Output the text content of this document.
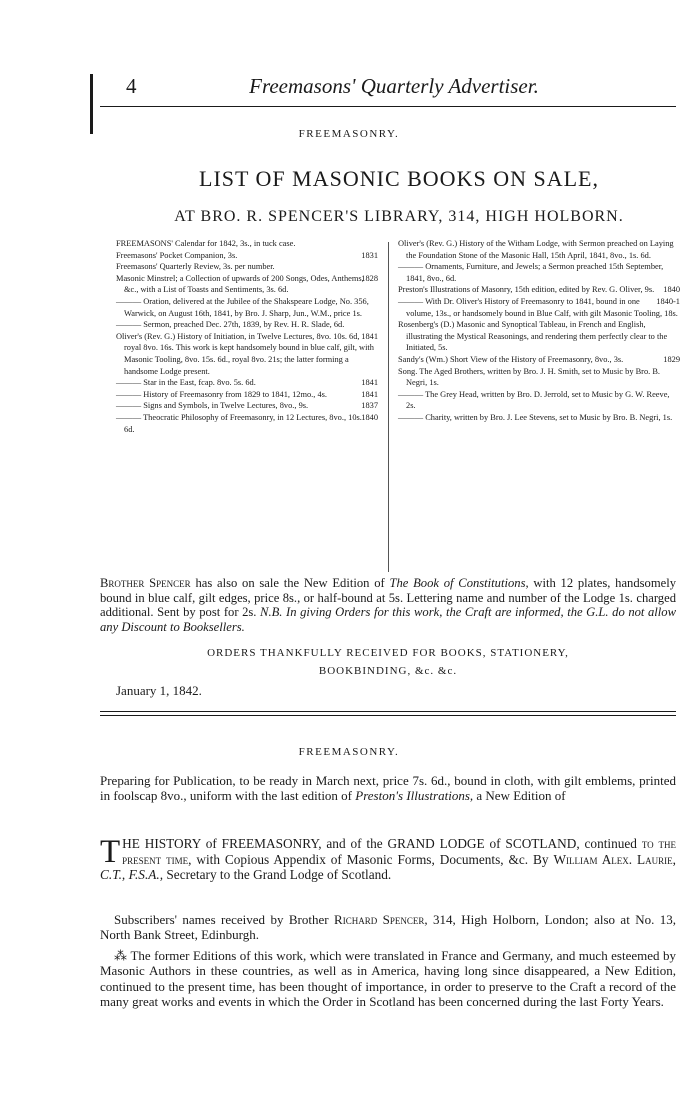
4	Freemasons' Quarterly Advertiser.
FREEMASONRY.
LIST OF MASONIC BOOKS ON SALE,
AT BRO. R. SPENCER'S LIBRARY, 314, HIGH HOLBORN.

FREEMASONS' Calendar for 1842, 3s., in tuck case.

1831
Freemasons' Pocket Companion, 3s.

Freemasons' Quarterly Review, 3s. per number.

1828
Masonic Minstrel; a Collection of upwards of 200 Songs, Odes, Anthems, &c., with a List of Toasts and Sentiments, 3s. 6d.

——— Oration, delivered at the Jubilee of the Shakspeare Lodge, No. 356, Warwick, on August 16th, 1841, by Bro. J. Sharp, Jun., W.M., price 1s.

——— Sermon, preached Dec. 27th, 1839, by Rev. H. R. Slade, 6d.

1841
Oliver's (Rev. G.) History of Initiation, in Twelve Lectures, 8vo. 10s. 6d, royal 8vo. 16s. This work is kept handsomely bound in blue calf, gilt, with Masonic Tooling, 8vo. 15s. 6d., royal 8vo. 21s; the latter forming a handsome Lodge present.

1841
——— Star in the East, fcap. 8vo. 5s. 6d.

1841
——— History of Freemasonry from 1829 to 1841, 12mo., 4s.

1837
——— Signs and Symbols, in Twelve Lectures, 8vo., 9s.

1840
——— Theocratic Philosophy of Freemasonry, in 12 Lectures, 8vo., 10s. 6d.

Oliver's (Rev. G.) History of the Witham Lodge, with Sermon preached on Laying the Foundation Stone of the Masonic Hall, 15th April, 1841, 8vo., 1s. 6d.

——— Ornaments, Furniture, and Jewels; a Sermon preached 15th September, 1841, 8vo., 6d.

1840
Preston's Illustrations of Masonry, 15th edition, edited by Rev. G. Oliver, 9s.

1840-1
——— With Dr. Oliver's History of Freemasonry to 1841, bound in one volume, 13s., or handsomely bound in Blue Calf, with gilt Masonic Tooling, 18s.

Rosenberg's (D.) Masonic and Synoptical Tableau, in French and English, illustrating the Mystical Reasonings, and rendering them perfectly clear to the Initiated, 5s.

1829
Sandy's (Wm.) Short View of the History of Freemasonry, 8vo., 3s.

Song. The Aged Brothers, written by Bro. J. H. Smith, set to Music by Bro. B. Negri, 1s.

——— The Grey Head, written by Bro. D. Jerrold, set to Music by G. W. Reeve, 2s.

——— Charity, written by Bro. J. Lee Stevens, set to Music by Bro. B. Negri, 1s.

Brother Spencer has also on sale the New Edition of The Book of Constitutions, with 12 plates, handsomely bound in blue calf, gilt edges, price 8s., or half-bound at 5s. Lettering name and number of the Lodge 1s. charged additional. Sent by post for 2s. N.B. In giving Orders for this work, the Craft are informed, the G.L. do not allow any Discount to Booksellers.
ORDERS THANKFULLY RECEIVED FOR BOOKS, STATIONERY,
BOOKBINDING, &c. &c.
January 1, 1842.
FREEMASONRY.
Preparing for Publication, to be ready in March next, price 7s. 6d., bound in cloth, with gilt emblems, printed in foolscap 8vo., uniform with the last edition of Preston's Illustrations, a New Edition of
T HE HISTORY of FREEMASONRY, and of the GRAND LODGE of SCOTLAND, continued to the present time, with Copious Appendix of Masonic Forms, Documents, &c. By William Alex. Laurie, C.T., F.S.A., Secretary to the Grand Lodge of Scotland.
Subscribers' names received by Brother Richard Spencer, 314, High Holborn, London; also at No. 13, North Bank Street, Edinburgh.
⁂ The former Editions of this work, which were translated in France and Germany, and much esteemed by Masonic Authors in these countries, as well as in America, having long since disappeared, a New Edition, continued to the present time, has been thought of importance, in order to preserve to the Craft a record of the many great works and events in which the Order in Scotland has been concerned during the last Forty Years.
